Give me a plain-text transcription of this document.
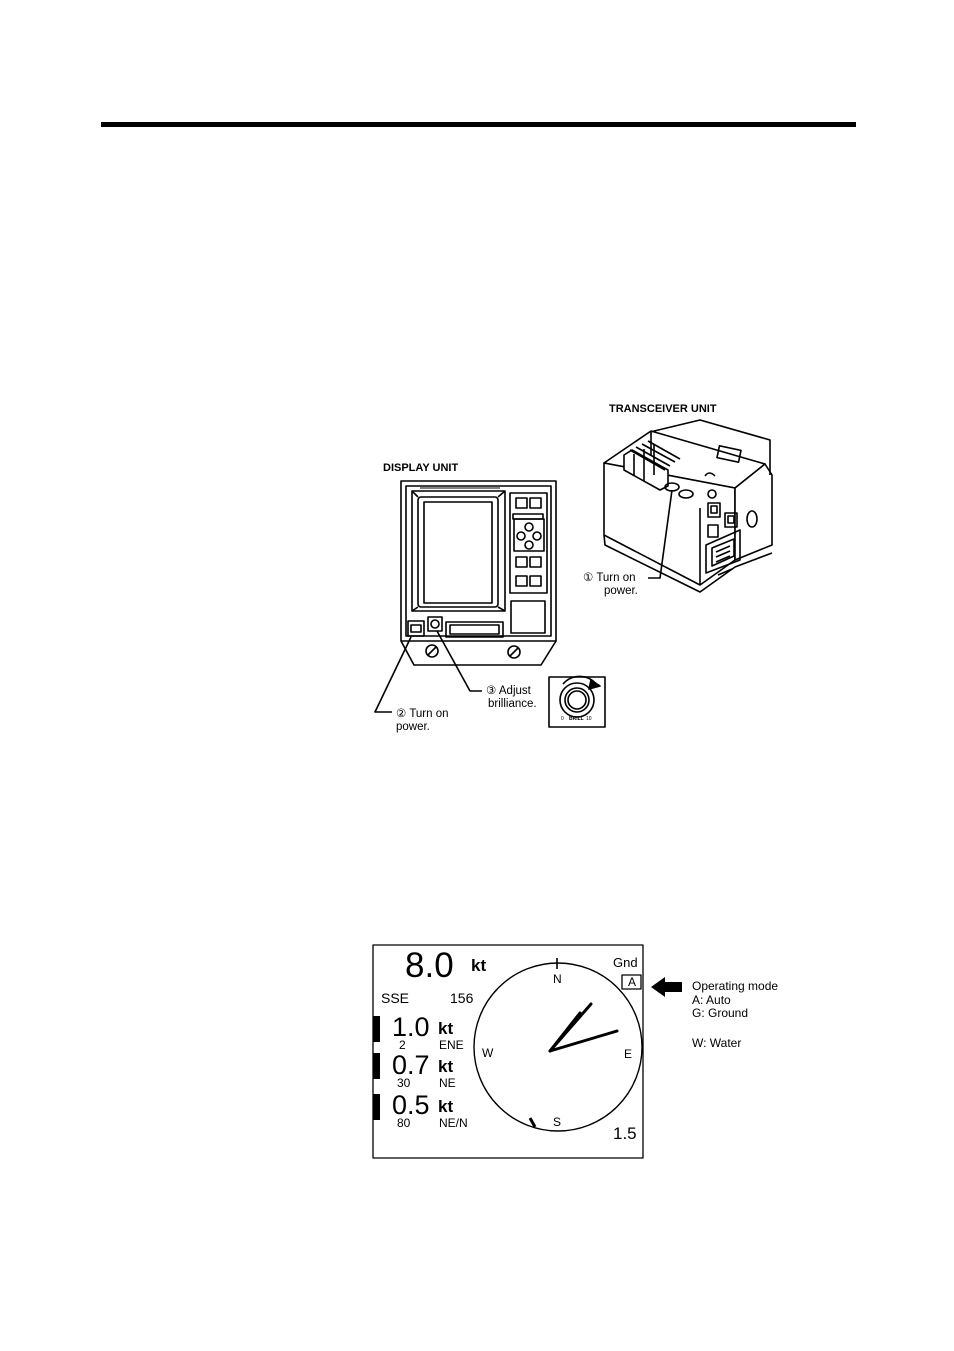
TRANSCEIVER UNIT
① Turn on
power.
DISPLAY UNIT
② Turn on
power.
③ Adjust
brilliance.
0 BRILL 10
8.0 kt
SSE	156
1.0 kt
2	ENE
0.7 kt
30 NE
0.5 kt
80 NE/N
Gnd
A
N
E
S
W
1.5
Operating mode
A: Auto
G: Ground
W: Water
